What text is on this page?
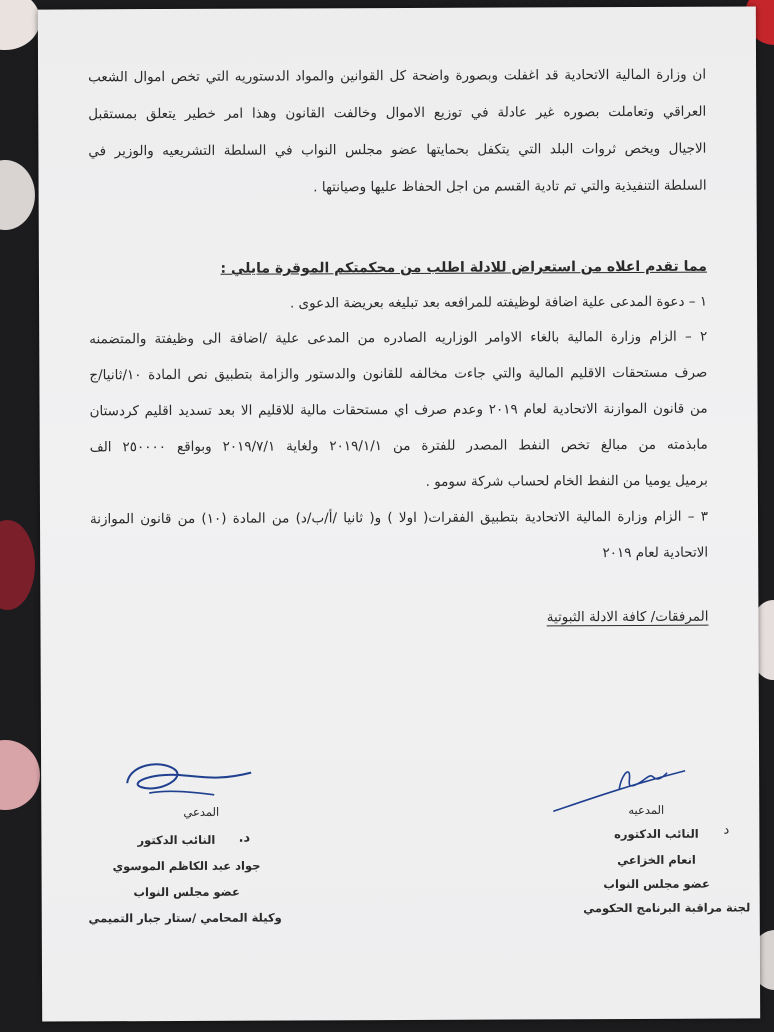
ان وزارة المالية الاتحادية قد اغفلت وبصورة واضحة كل القوانين والمواد الدستوريه التي تخص اموال الشعب
العراقي وتعاملت بصوره غير عادلة في توزيع الاموال وخالفت القانون وهذا امر خطير يتعلق بمستقبل
الاجيال ويخص ثروات البلد التي يتكفل بحمايتها عضو مجلس النواب في السلطة التشريعيه والوزير في
السلطة التنفيذية والتي تم تادية القسم من اجل الحفاظ عليها وصيانتها .
مما تقدم اعلاه من استعراض للادلة اطلب من محكمتكم الموقرة مايلي :
١ – دعوة المدعى علية اضافة لوظيفته للمرافعه بعد تبليغه بعريضة الدعوى .
٢ – الزام وزارة المالية بالغاء الاوامر الوزاريه الصادره من المدعى علية /اضافة الى وظيفتة والمتضمنه
صرف مستحقات الاقليم المالية والتي جاءت مخالفه للقانون والدستور والزامة بتطبيق نص المادة ١٠/ثانيا/ج
من قانون الموازنة الاتحادية لعام ٢٠١٩ وعدم صرف اي مستحقات مالية للاقليم الا بعد تسديد اقليم كردستان
مابذمته من مبالغ تخص النفط المصدر للفترة من ٢٠١٩/١/١ ولغاية ٢٠١٩/٧/١ وبواقع ٢٥٠٠٠٠ الف
برميل يوميا من النفط الخام لحساب شركة سومو .
٣ – الزام وزارة المالية الاتحادية بتطبيق الفقرات( اولا ) و( ثانيا /أ/ب/د) من المادة (١٠) من قانون الموازنة
الاتحادية لعام ٢٠١٩
المرفقات/ كافة الادلة الثبوتية
المدعي
د.
النائب الدكتور
جواد عبد الكاظم الموسوي
عضو مجلس النواب
وكيلة المحامي /ستار جبار التميمي
المدعيه
د
النائب الدكتوره
انعام الخزاعي
عضو مجلس النواب
لجنة مراقبة البرنامج الحكومي
